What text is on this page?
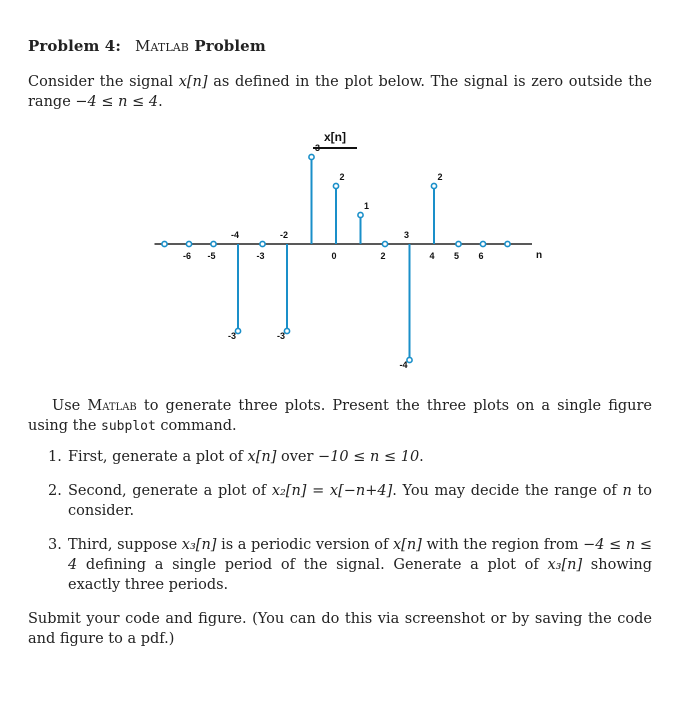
Problem 4: Matlab Problem

Consider the signal x[n] as defined in the plot below. The signal is zero outside the range −4 ≤ n ≤ 4.

x[n]
-3
-4
-3
-2
3
2
1
-4
3
2
-6 -5	-3	0	2	4 5 6	n

Use Matlab to generate three plots. Present the three plots on a single figure using the subplot command.

1. First, generate a plot of x[n] over −10 ≤ n ≤ 10.
2. Second, generate a plot of x₂[n] = x[−n+4]. You may decide the range of n to consider.
3. Third, suppose x₃[n] is a periodic version of x[n] with the region from −4 ≤ n ≤ 4 defining a single period of the signal. Generate a plot of x₃[n] showing exactly three periods.

Submit your code and figure. (You can do this via screenshot or by saving the code and figure to a pdf.)
